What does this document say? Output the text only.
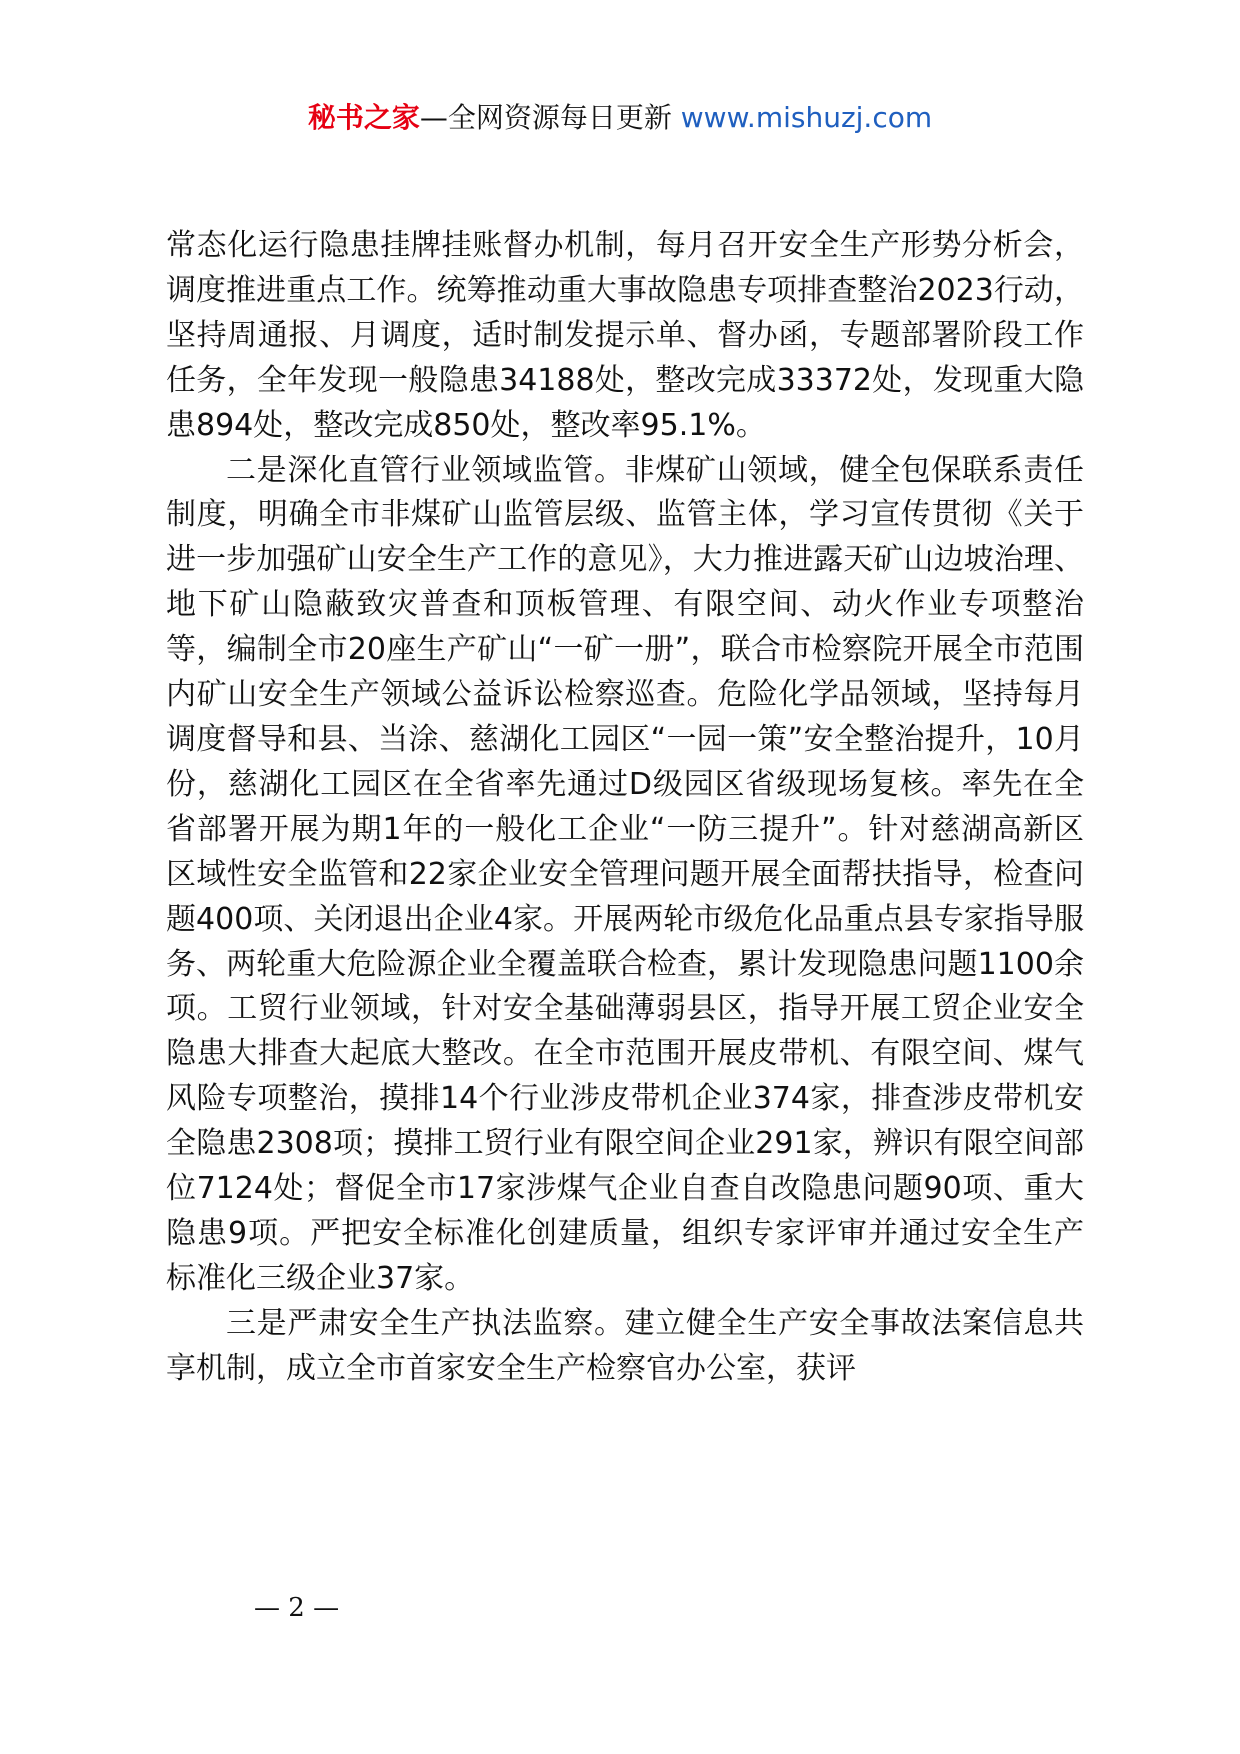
秘书之家—全网资源每日更新 www.mishuzj.com

常态化运行隐患挂牌挂账督办机制，每月召开安全生产形势分析会，调度推进重点工作。统筹推动重大事故隐患专项排查整治2023行动，坚持周通报、月调度，适时制发提示单、督办函，专题部署阶段工作任务，全年发现一般隐患34188处，整改完成33372处，发现重大隐患894处，整改完成850处，整改率95.1%。

二是深化直管行业领域监管。非煤矿山领域，健全包保联系责任制度，明确全市非煤矿山监管层级、监管主体，学习宣传贯彻《关于进一步加强矿山安全生产工作的意见》，大力推进露天矿山边坡治理、地下矿山隐蔽致灾普查和顶板管理、有限空间、动火作业专项整治等，编制全市20座生产矿山“一矿一册”，联合市检察院开展全市范围内矿山安全生产领域公益诉讼检察巡查。危险化学品领域，坚持每月调度督导和县、当涂、慈湖化工园区“一园一策”安全整治提升，10月份，慈湖化工园区在全省率先通过D级园区省级现场复核。率先在全省部署开展为期1年的一般化工企业“一防三提升”。针对慈湖高新区区域性安全监管和22家企业安全管理问题开展全面帮扶指导，检查问题400项、关闭退出企业4家。开展两轮市级危化品重点县专家指导服务、两轮重大危险源企业全覆盖联合检查，累计发现隐患问题1100余项。工贸行业领域，针对安全基础薄弱县区，指导开展工贸企业安全隐患大排查大起底大整改。在全市范围开展皮带机、有限空间、煤气风险专项整治，摸排14个行业涉皮带机企业374家，排查涉皮带机安全隐患2308项；摸排工贸行业有限空间企业291家，辨识有限空间部位7124处；督促全市17家涉煤气企业自查自改隐患问题90项、重大隐患9项。严把安全标准化创建质量，组织专家评审并通过安全生产标准化三级企业37家。

三是严肃安全生产执法监察。建立健全生产安全事故法案信息共享机制，成立全市首家安全生产检察官办公室，获评

— 2 —
